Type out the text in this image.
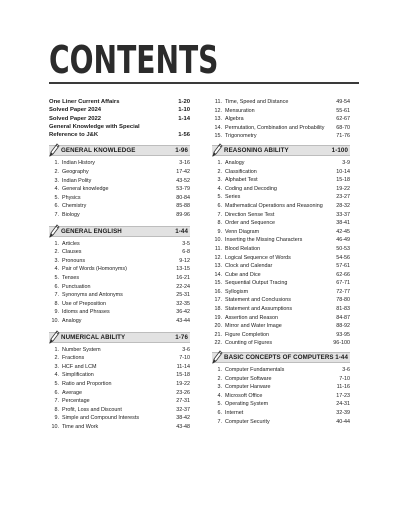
CONTENTS
One Liner Current Affairs	1-20
Solved Paper 2024	1-10
Solved Paper 2022	1-14
General Knowledge with Special Reference to J&K	1-56
GENERAL KNOWLEDGE	1-96
1. Indian History	3-16
2. Geography	17-42
3. Indian Polity	43-52
4. General knowledge	53-79
5. Physics	80-84
6. Chemistry	85-88
7. Biology	89-96
GENERAL ENGLISH	1-44
1. Articles	3-5
2. Clauses	6-8
3. Pronouns	9-12
4. Pair of Words (Homonyms)	13-15
5. Tenses	16-21
6. Punctuation	22-24
7. Synonyms and Antonyms	25-31
8. Use of Preposition	32-35
9. Idioms and Phrases	36-42
10. Analogy	43-44
NUMERICAL ABILITY	1-76
1. Number System	3-6
2. Fractions	7-10
3. HCF and LCM	11-14
4. Simplification	15-18
5. Ratio and Proportion	19-22
6. Average	23-26
7. Percentage	27-31
8. Profit, Loss and Discount	32-37
9. Simple and Compound Interests	38-42
10. Time and Work	43-48
11. Time, Speed and Distance	49-54
12. Mensuration	55-61
13. Algebra	62-67
14. Permutation, Combination and Probability	68-70
15. Trigonometry	71-76
REASONING ABILITY	1-100
1. Analogy	3-9
2. Classification	10-14
3. Alphabet Test	15-18
4. Coding and Decoding	19-22
5. Series	23-27
6. Mathematical Operations and Reasoning	28-32
7. Direction Sense Test	33-37
8. Order and Sequence	38-41
9. Venn Diagram	42-45
10. Inserting the Missing Characters	46-49
11. Blood Relation	50-53
12. Logical Sequence of Words	54-56
13. Clock and Calendar	57-61
14. Cube and Dice	62-66
15. Sequential Output Tracing	67-71
16. Syllogism	72-77
17. Statement and Conclusions	78-80
18. Statement and Assumptions	81-83
19. Assertion and Reason	84-87
20. Mirror and Water Image	88-92
21. Figure Completion	93-95
22. Counting of Figures	96-100
BASIC CONCEPTS OF COMPUTERS 1-44
1. Computer Fundamentals	3-6
2. Computer Software	7-10
3. Computer Harware	11-16
4. Microsoft Office	17-23
5. Operating System	24-31
6. Internet	32-39
7. Computer Security	40-44
